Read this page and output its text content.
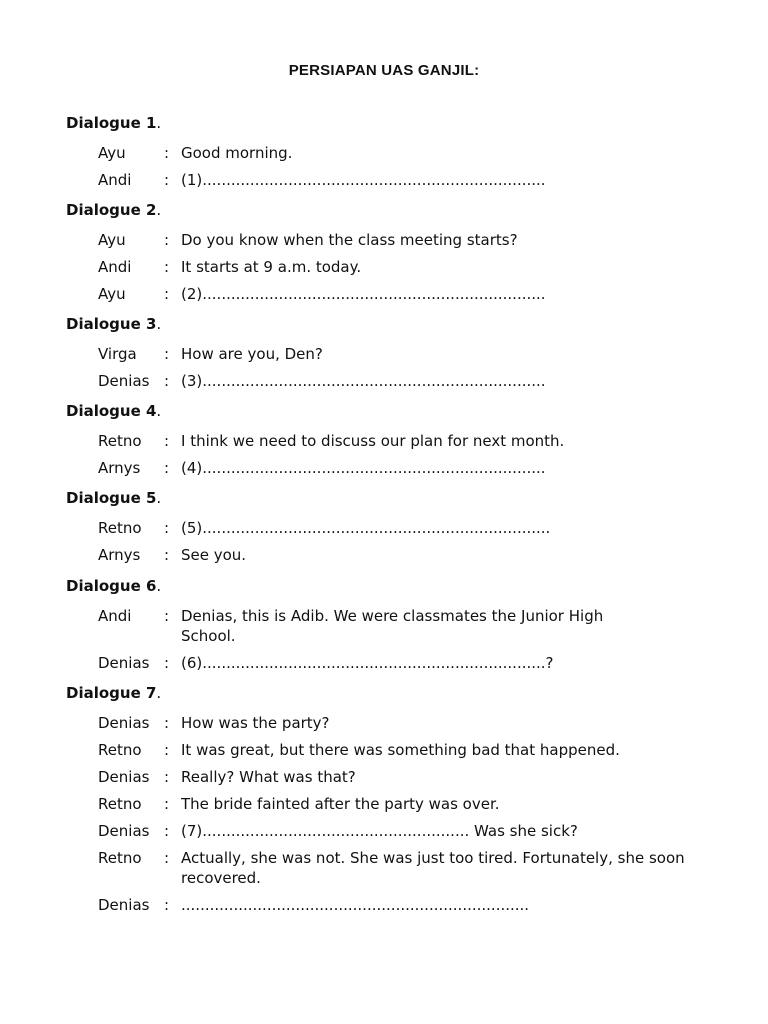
PERSIAPAN UAS GANJIL:
Dialogue 1.
Ayu	: Good morning.
Andi	: (1)........................................................................
Dialogue 2.
Ayu	: Do you know when the class meeting starts?
Andi	: It starts at 9 a.m. today.
Ayu	: (2)........................................................................
Dialogue 3.
Virga	: How are you, Den?
Denias : (3)........................................................................
Dialogue 4.
Retno	: I think we need to discuss our plan for next month.
Arnys	: (4)........................................................................
Dialogue 5.
Retno	: (5).........................................................................
Arnys	: See you.
Dialogue 6.
Andi	: Denias, this is Adib. We were classmates the Junior High School.
Denias : (6)........................................................................?
Dialogue 7.
Denias : How was the party?
Retno	: It was great, but there was something bad that happened.
Denias : Really? What was that?
Retno	: The bride fainted after the party was over.
Denias : (7)........................................................ Was she sick?
Retno	: Actually, she was not. She was just too tired. Fortunately, she soon recovered.
Denias : .........................................................................
